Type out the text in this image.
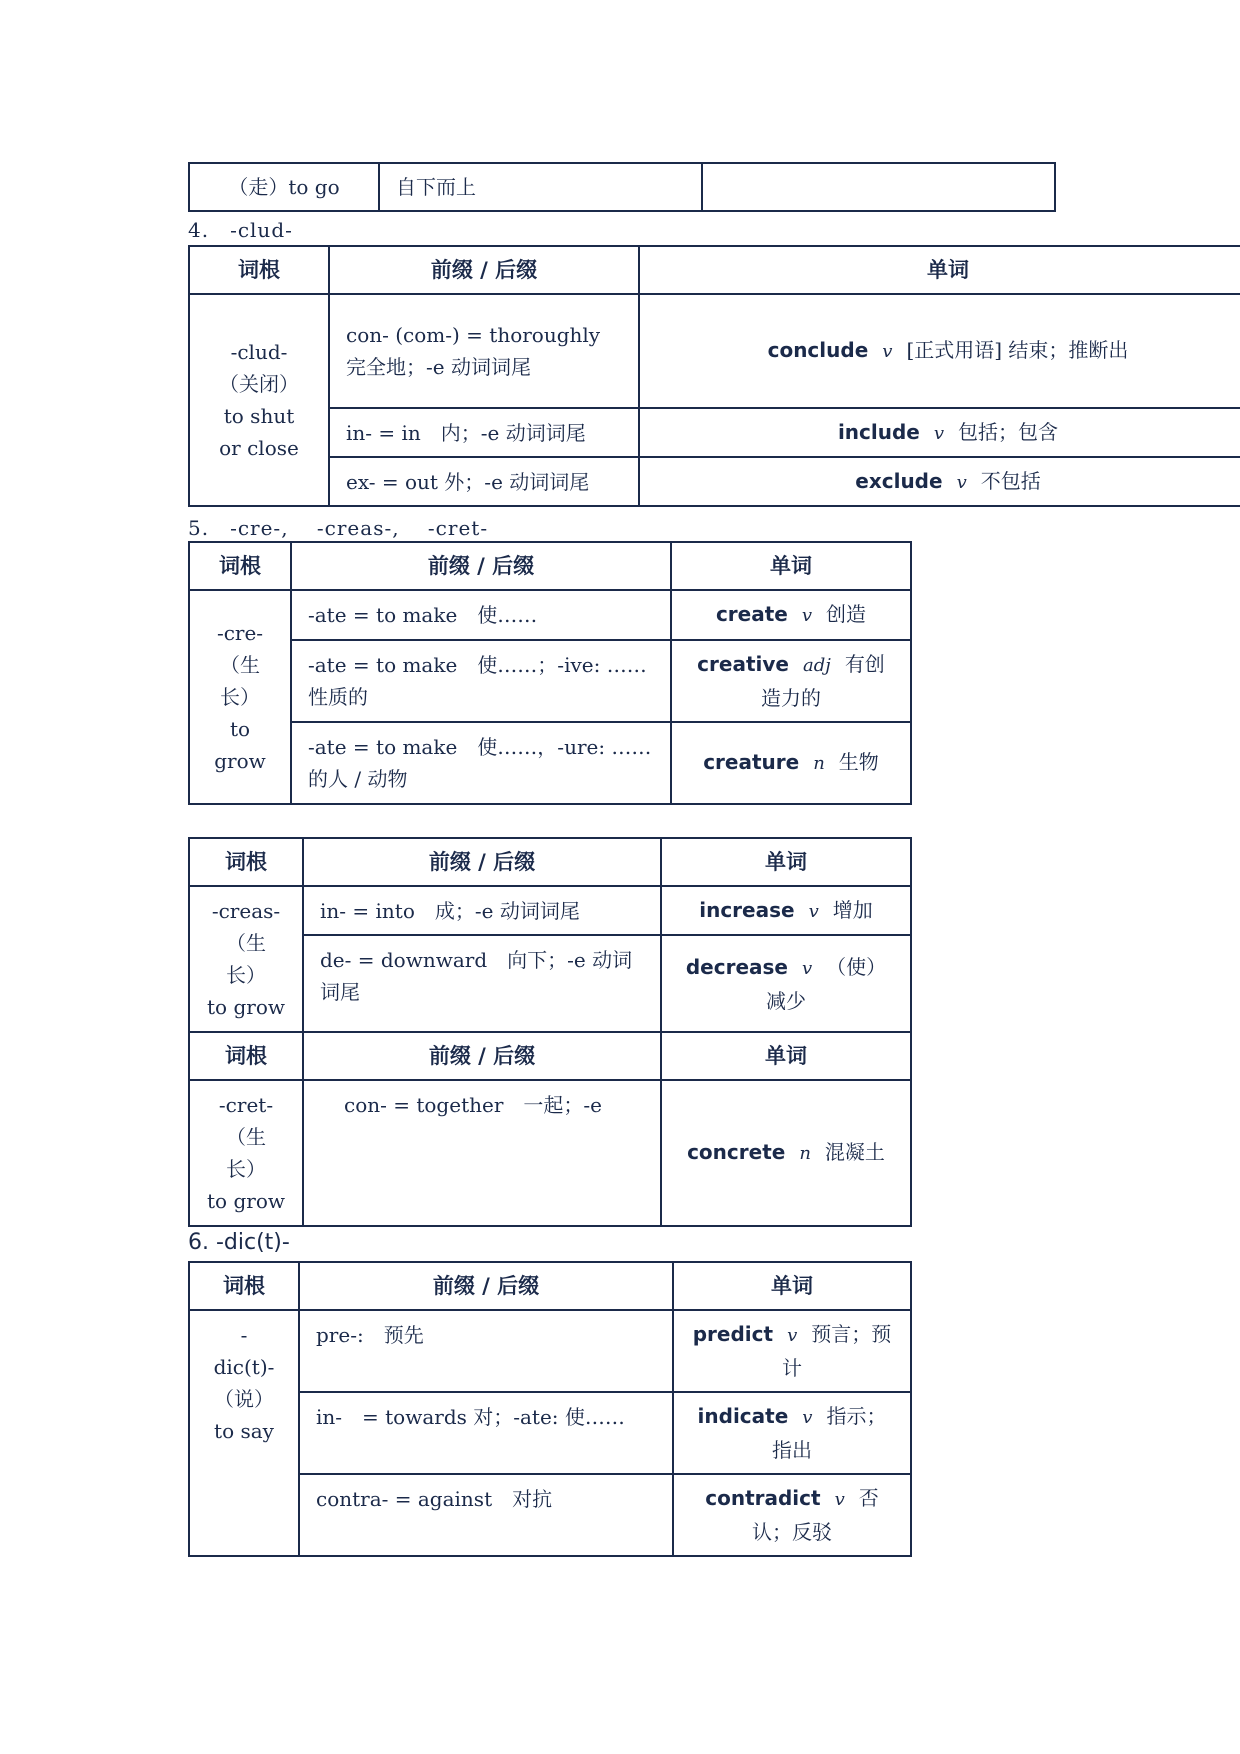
（走）to go	自下而上	
4.　-clud-
词根	前缀 / 后缀	单词

-clud-
（关闭）
to shut
or close	con- (com-) = thoroughly　完全地；-e 动词词尾	conclude v [正式用语] 结束；推断出
	in- = in　内；-e 动词词尾	include v 包括；包含
	ex- = out 外；-e 动词词尾	exclude v 不包括
5.　-cre-, 　-creas-, 　-cret-
词根	前缀 / 后缀	单词

-cre-
（生
长）
to
grow	-ate = to make　使……	create v 创造
	-ate = to make　使……；-ive: ……性质的	creative adj 有创造力的
	-ate = to make　使……，-ure: ……的人 / 动物	creature n 生物
词根	前缀 / 后缀	单词

-creas-
（生
长）
to grow	in- = into　成；-e 动词词尾	increase v 增加
	de- = downward　向下；-e 动词词尾	decrease v （使）减少
词根	前缀 / 后缀	单词

-cret-
（生
长）
to grow	con- = together　一起；-e	concrete n 混凝土
6. -dic(t)-
词根	前缀 / 后缀	单词

-
dic(t)-
（说）
to say	pre-:　预先	predict v 预言；预计
	in-　= towards 对；-ate: 使……	indicate v 指示；指出
	contra- = against　对抗	contradict v 否认；反驳
